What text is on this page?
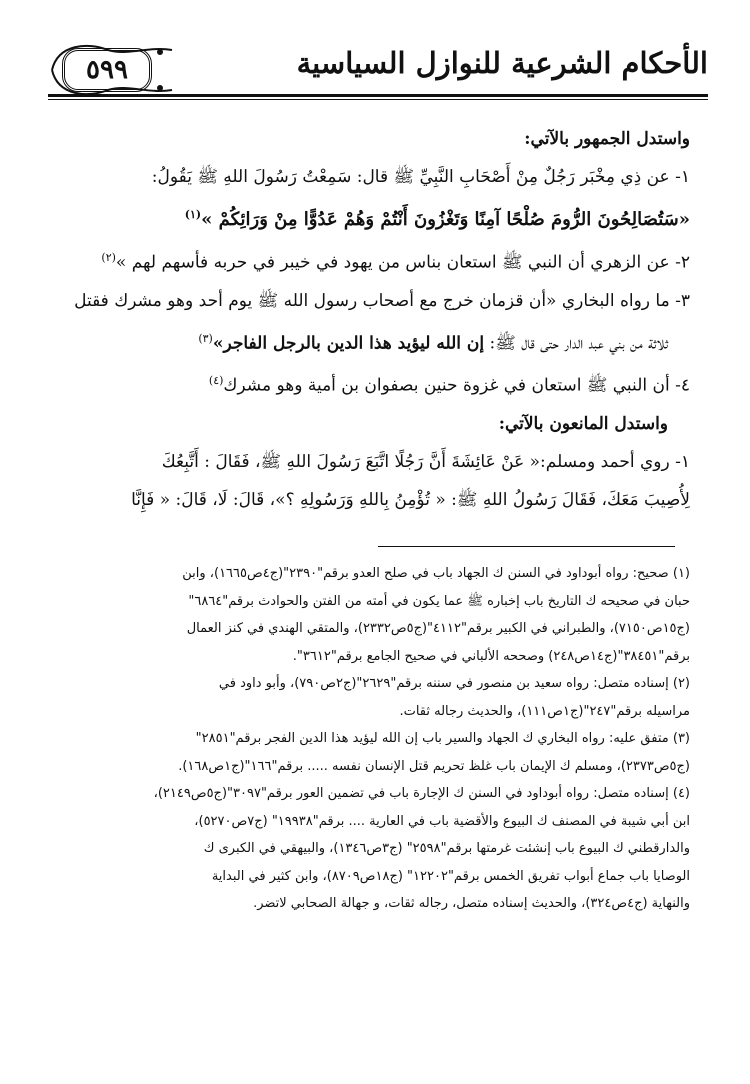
٥٩٩	الأحكام الشرعية للنوازل السياسية
واستدل الجمهور بالآتي:
١- عن ذِي مِخْبَر رَجُلٌ مِنْ أَصْحَابِ النَّبِيِّ ﷺ قال: سَمِعْتُ رَسُولَ اللهِ ﷺ يَقُولُ:
«سَتُصَالِحُونَ الرُّومَ صُلْحًا آمِنًا وَتَغْزُونَ أَنْتُمْ وَهُمْ عَدُوًّا مِنْ وَرَائِكُمْ »$^{(١)}$
٢- عن الزهري أن النبي ﷺ استعان بناس من يهود في خيبر في حربه فأسهم لهم »$^{(٢)}$
٣- ما رواه البخاري «أن قزمان خرج مع أصحاب رسول الله ﷺ يوم أحد وهو مشرك فقتل
ثلاثة من بني عبد الدار حتى قال ﷺ: إن الله ليؤيد هذا الدين بالرجل الفاجر»$^{(٣)}$
٤- أن النبي ﷺ استعان في غزوة حنين بصفوان بن أمية وهو مشرك$^{(٤)}$
واستدل المانعون بالآتي:
١- روي أحمد ومسلم:« عَنْ عَائِشَةَ أَنَّ رَجُلًا اتَّبَعَ رَسُولَ اللهِ ﷺ، فَقَالَ : أَتَّبِعُكَ
لِأُصِيبَ مَعَكَ، فَقَالَ رَسُولُ اللهِ ﷺ: « تُؤْمِنُ بِاللهِ وَرَسُولِهِ ؟»، قَالَ: لَا، قَالَ: « فَإِنَّا
(١) صحيح: رواه أبوداود في السنن ك الجهاد باب في صلح العدو برقم"٢٣٩٠"(ج٤ص١٦٦٥)، وابن
حبان في صحيحه ك التاريخ باب إخباره ﷺ عما يكون في أمته من الفتن والحوادث برقم"٦٨٦٤"
(ج١٥ص٧١٥٠)، والطبراني في الكبير برقم"٤١١٢"(ج٥ص٢٣٣٢)، والمتقي الهندي في كنز العمال
برقم"٣٨٤٥١"(ج١٤ص٢٤٨) وصححه الألباني في صحيح الجامع برقم"٣٦١٢".
(٢) إسناده متصل: رواه سعيد بن منصور في سننه برقم"٢٦٢٩"(ج٢ص٧٩٠)، وأبو داود في
مراسيله برقم"٢٤٧"(ج١ص١١١)، والحديث رجاله ثقات.
(٣) متفق عليه: رواه البخاري ك الجهاد والسير باب إن الله ليؤيد هذا الدين الفجر برقم"٢٨٥١"
(ج٥ص٢٣٧٣)، ومسلم ك الإيمان باب غلظ تحريم قتل الإنسان نفسه ..... برقم"١٦٦"(ج١ص١٦٨).
(٤) إسناده متصل: رواه أبوداود في السنن ك الإجارة باب في تضمين العور برقم"٣٠٩٧"(ج٥ص٢١٤٩)،
ابن أبي شيبة في المصنف ك البيوع والأقضية باب في العارية .... برقم"١٩٩٣٨" (ج٧ص٥٢٧٠)،
والدارقطني ك البيوع باب إنشئت غرمتها برقم"٢٥٩٨" (ج٣ص١٣٤٦)، والبيهقي في الكبرى ك
الوصايا باب جماع أبواب تفريق الخمس برقم"١٢٢٠٢" (ج١٨ص٨٧٠٩)، وابن كثير في البداية
والنهاية (ج٤ص٣٢٤)، والحديث إسناده متصل، رجاله ثقات، و جهالة الصحابي لاتضر.
